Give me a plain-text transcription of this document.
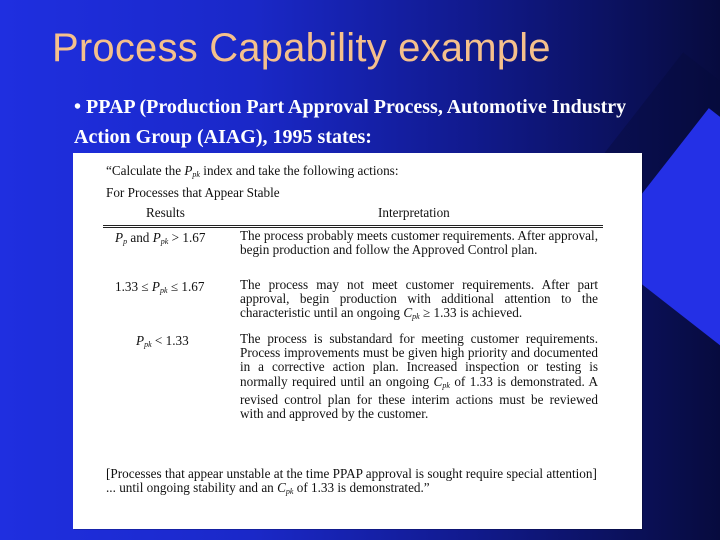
Process Capability example
• PPAP (Production Part Approval Process, Automotive Industry
Action Group (AIAG), 1995 states:
“Calculate the $P_{pk}$ index and take the following actions:
For Processes that Appear Stable
Results	Interpretation
$P_p$ and $P_{pk} > 1.67$	The process probably meets customer requirements. After approval, begin production and follow the Approved Control plan.
$1.33 \le P_{pk} \le 1.67$	The process may not meet customer requirements. After part approval, begin production with additional attention to the characteristic until an ongoing $C_{pk} \ge 1.33$ is achieved.
$P_{pk} < 1.33$	The process is substandard for meeting customer requirements. Process improvements must be given high priority and documented in a corrective action plan. Increased inspection or testing is normally required until an ongoing $C_{pk}$ of 1.33 is demonstrated. A revised control plan for these interim actions must be reviewed with and approved by the customer.
[Processes that appear unstable at the time PPAP approval is sought require special attention] ... until ongoing stability and an $C_{pk}$ of 1.33 is demonstrated.”
